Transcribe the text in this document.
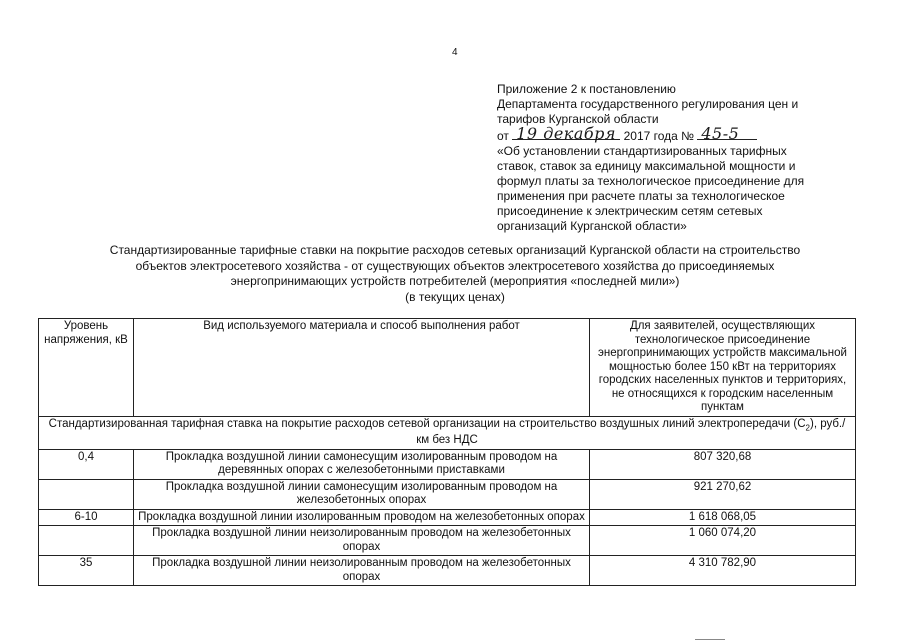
4
Приложение 2 к постановлению
Департамента государственного регулирования цен и
тарифов Курганской области
от 19 декабря 2017 года № 45-5
«Об установлении стандартизированных тарифных
ставок, ставок за единицу максимальной мощности и
формул платы за технологическое присоединение для
применения при расчете платы за технологическое
присоединение к электрическим сетям сетевых
организаций Курганской области»
Стандартизированные тарифные ставки на покрытие расходов сетевых организаций Курганской области на строительство
объектов электросетевого хозяйства - от существующих объектов электросетевого хозяйства до присоединяемых
энергопринимающих устройств потребителей (мероприятия «последней мили»)
(в текущих ценах)
Уровень напряжения, кВ	Вид используемого материала и способ выполнения работ	Для заявителей, осуществляющих технологическое присоединение энергопринимающих устройств максимальной мощностью более 150 кВт на территориях городских населенных пунктов и территориях, не относящихся к городским населенным пунктам
Стандартизированная тарифная ставка на покрытие расходов сетевой организации на строительство воздушных линий электропередачи $(C_2)$, руб./км без НДС		
0,4	Прокладка воздушной линии самонесущим изолированным проводом на деревянных опорах с железобетонными приставками	807 320,68
	Прокладка воздушной линии самонесущим изолированным проводом на железобетонных опорах	921 270,62
6-10	Прокладка воздушной линии изолированным проводом на железобетонных опорах	1 618 068,05
	Прокладка воздушной линии неизолированным проводом на железобетонных опорах	1 060 074,20
35	Прокладка воздушной линии неизолированным проводом на железобетонных опорах	4 310 782,90
